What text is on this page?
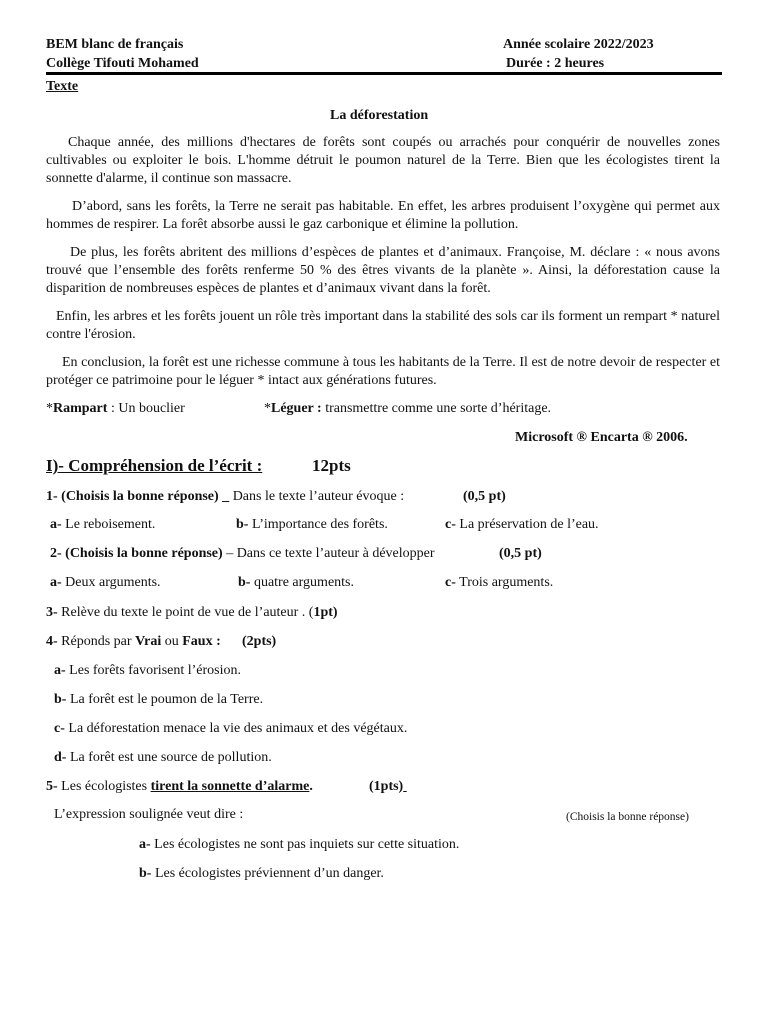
BEM blanc de français
Collège Tifouti Mohamed
Année scolaire 2022/2023
Durée : 2 heures
Texte
La déforestation
Chaque année, des millions d'hectares de forêts sont coupés ou arrachés pour conquérir de nouvelles zones cultivables ou exploiter le bois. L'homme détruit le poumon naturel de la Terre. Bien que les écologistes tirent la sonnette d'alarme, il continue son massacre.
D’abord, sans les forêts, la Terre ne serait pas habitable. En effet, les arbres produisent l’oxygène qui permet aux hommes de respirer. La forêt absorbe aussi le gaz carbonique et élimine la pollution.
De plus, les forêts abritent des millions d’espèces de plantes et d’animaux. Françoise, M. déclare : « nous avons trouvé que l’ensemble des forêts renferme 50 % des êtres vivants de la planète ». Ainsi, la déforestation cause la disparition de nombreuses espèces de plantes et d’animaux vivant dans la forêt.
Enfin, les arbres et les forêts jouent un rôle très important dans la stabilité des sols car ils forment un rempart * naturel contre l'érosion.
En conclusion, la forêt est une richesse commune à tous les habitants de la Terre. Il est de notre devoir de respecter et protéger ce patrimoine pour le léguer * intact aux générations futures.
*Rampart : Un bouclier	*Léguer : transmettre comme une sorte d’héritage.
Microsoft ® Encarta ® 2006.
I)- Compréhension de l’écrit :	12pts
1- (Choisis la bonne réponse) _ Dans le texte l’auteur évoque :	(0,5 pt)
a- Le reboisement.	b- L’importance des forêts.	c- La préservation de l’eau.
2- (Choisis la bonne réponse) – Dans ce texte l’auteur à développer	(0,5 pt)
a- Deux arguments.	b- quatre arguments.	c- Trois arguments.
3- Relève du texte le point de vue de l’auteur . (1pt)
4- Réponds par Vrai ou Faux : (2pts)
a- Les forêts favorisent l’érosion.
b- La forêt est le poumon de la Terre.
c- La déforestation menace la vie des animaux et des végétaux.
d- La forêt est une source de pollution.
5- Les écologistes tirent la sonnette d’alarme.	(1pts)
L’expression soulignée veut dire :	(Choisis la bonne réponse)
a- Les écologistes ne sont pas inquiets sur cette situation.
b- Les écologistes préviennent d’un danger.
